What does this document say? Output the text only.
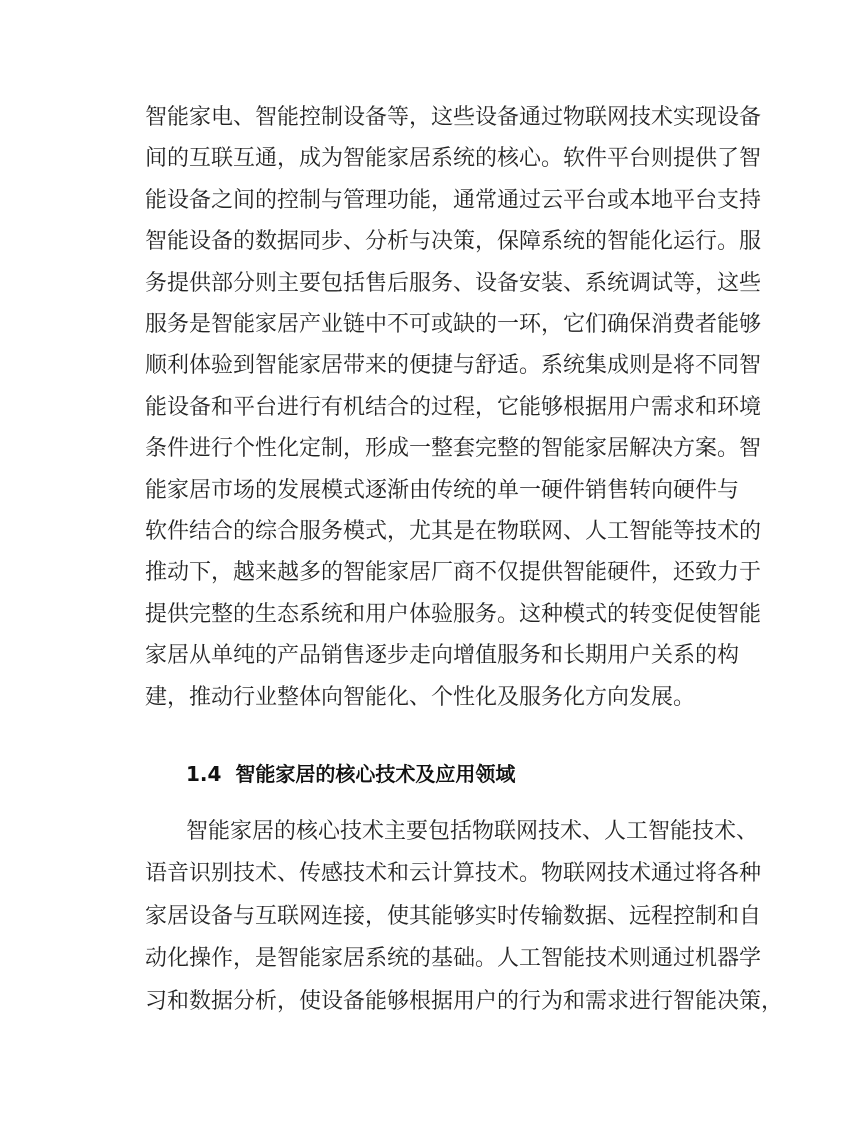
智能家电、智能控制设备等，这些设备通过物联网技术实现设备
间的互联互通，成为智能家居系统的核心。软件平台则提供了智
能设备之间的控制与管理功能，通常通过云平台或本地平台支持
智能设备的数据同步、分析与决策，保障系统的智能化运行。服
务提供部分则主要包括售后服务、设备安装、系统调试等，这些
服务是智能家居产业链中不可或缺的一环，它们确保消费者能够
顺利体验到智能家居带来的便捷与舒适。系统集成则是将不同智
能设备和平台进行有机结合的过程，它能够根据用户需求和环境
条件进行个性化定制，形成一整套完整的智能家居解决方案。智
能家居市场的发展模式逐渐由传统的单一硬件销售转向硬件与
软件结合的综合服务模式，尤其是在物联网、人工智能等技术的
推动下，越来越多的智能家居厂商不仅提供智能硬件，还致力于
提供完整的生态系统和用户体验服务。这种模式的转变促使智能
家居从单纯的产品销售逐步走向增值服务和长期用户关系的构
建，推动行业整体向智能化、个性化及服务化方向发展。
1.4  智能家居的核心技术及应用领域
智能家居的核心技术主要包括物联网技术、人工智能技术、
语音识别技术、传感技术和云计算技术。物联网技术通过将各种
家居设备与互联网连接，使其能够实时传输数据、远程控制和自
动化操作，是智能家居系统的基础。人工智能技术则通过机器学
习和数据分析，使设备能够根据用户的行为和需求进行智能决策，
